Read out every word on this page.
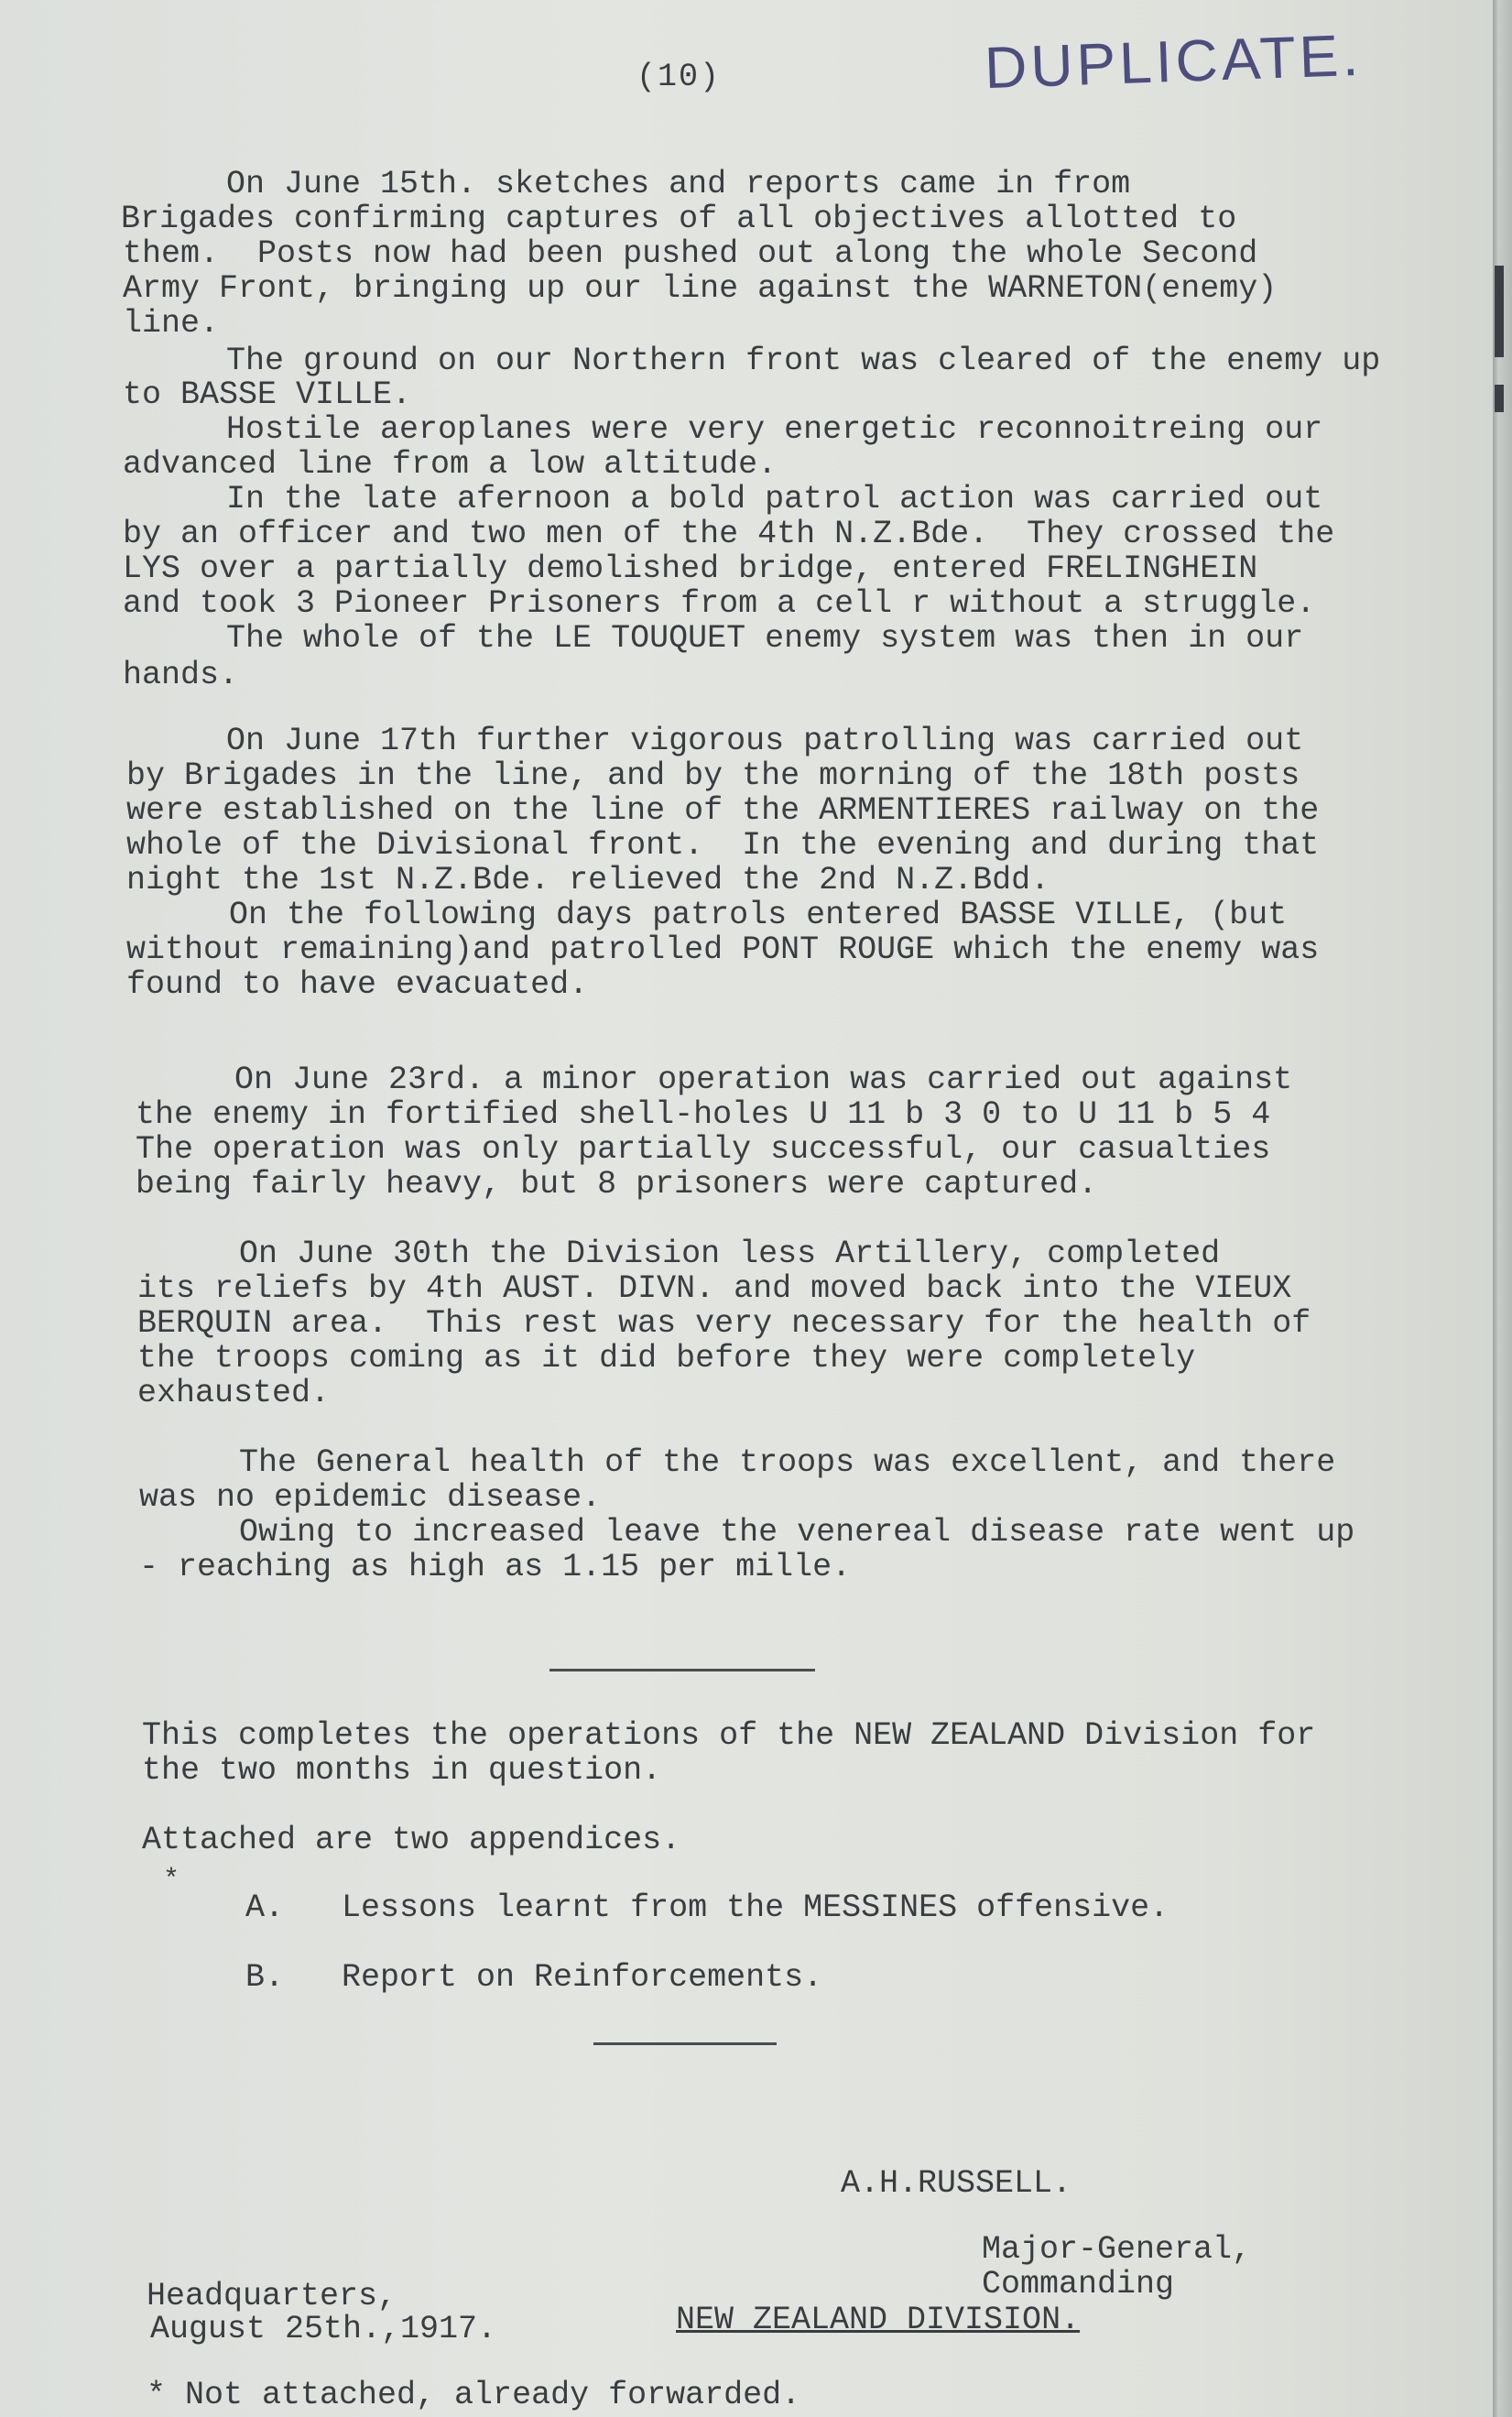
(10)	DUPLICATE.
On June 15th. sketches and reports came in from
Brigades confirming captures of all objectives allotted to
them.  Posts now had been pushed out along the whole Second
Army Front, bringing up our line against the WARNETON(enemy)
line.
The ground on our Northern front was cleared of the enemy up
to BASSE VILLE.
Hostile aeroplanes were very energetic reconnoitreing our
advanced line from a low altitude.
In the late afernoon a bold patrol action was carried out
by an officer and two men of the 4th N.Z.Bde.  They crossed the
LYS over a partially demolished bridge, entered FRELINGHEIN
and took 3 Pioneer Prisoners from a cell r without a struggle.
The whole of the LE TOUQUET enemy system was then in our
hands.
On June 17th further vigorous patrolling was carried out
by Brigades in the line, and by the morning of the 18th posts
were established on the line of the ARMENTIERES railway on the
whole of the Divisional front.  In the evening and during that
night the 1st N.Z.Bde. relieved the 2nd N.Z.Bdd.
On the following days patrols entered BASSE VILLE, (but
without remaining)and patrolled PONT ROUGE which the enemy was
found to have evacuated.
On June 23rd. a minor operation was carried out against
the enemy in fortified shell-holes U 11 b 3 0 to U 11 b 5 4
The operation was only partially successful, our casualties
being fairly heavy, but 8 prisoners were captured.
On June 30th the Division less Artillery, completed
its reliefs by 4th AUST. DIVN. and moved back into the VIEUX
BERQUIN area.  This rest was very necessary for the health of
the troops coming as it did before they were completely
exhausted.
The General health of the troops was excellent, and there
was no epidemic disease.
Owing to increased leave the venereal disease rate went up
- reaching as high as 1.15 per mille.
This completes the operations of the NEW ZEALAND Division for
the two months in question.
Attached are two appendices.
*
A.   Lessons learnt from the MESSINES offensive.
B.   Report on Reinforcements.
A.H.RUSSELL.
Major-General,
Commanding
Headquarters,
August 25th.,1917.	NEW ZEALAND DIVISION.
* Not attached, already forwarded.
